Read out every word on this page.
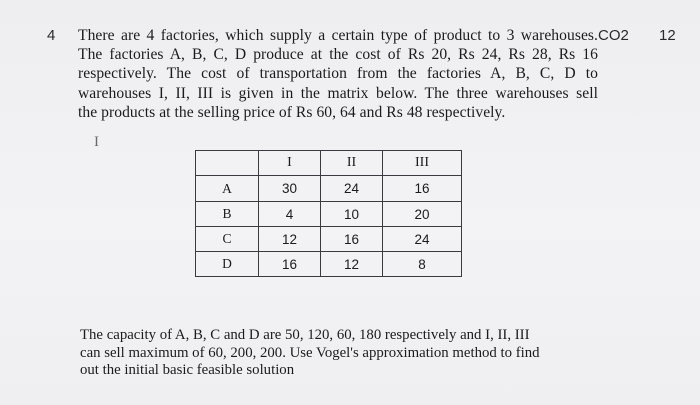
4	CO2 12
There are 4 factories, which supply a certain type of product to 3 warehouses.
The factories A, B, C, D produce at the cost of Rs 20, Rs 24, Rs 28, Rs 16
respectively. The cost of transportation from the factories A, B, C, D to
warehouses I, II, III is given in the matrix below. The three warehouses sell
the products at the selling price of Rs 60, 64 and Rs 48 respectively.
I
	I	II	III
A	30	24	16
B	4	10	20
C	12	16	24
D	16	12	8
The capacity of A, B, C and D are 50, 120, 60, 180 respectively and I, II, III
can sell maximum of 60, 200, 200. Use Vogel's approximation method to find
out the initial basic feasible solution
